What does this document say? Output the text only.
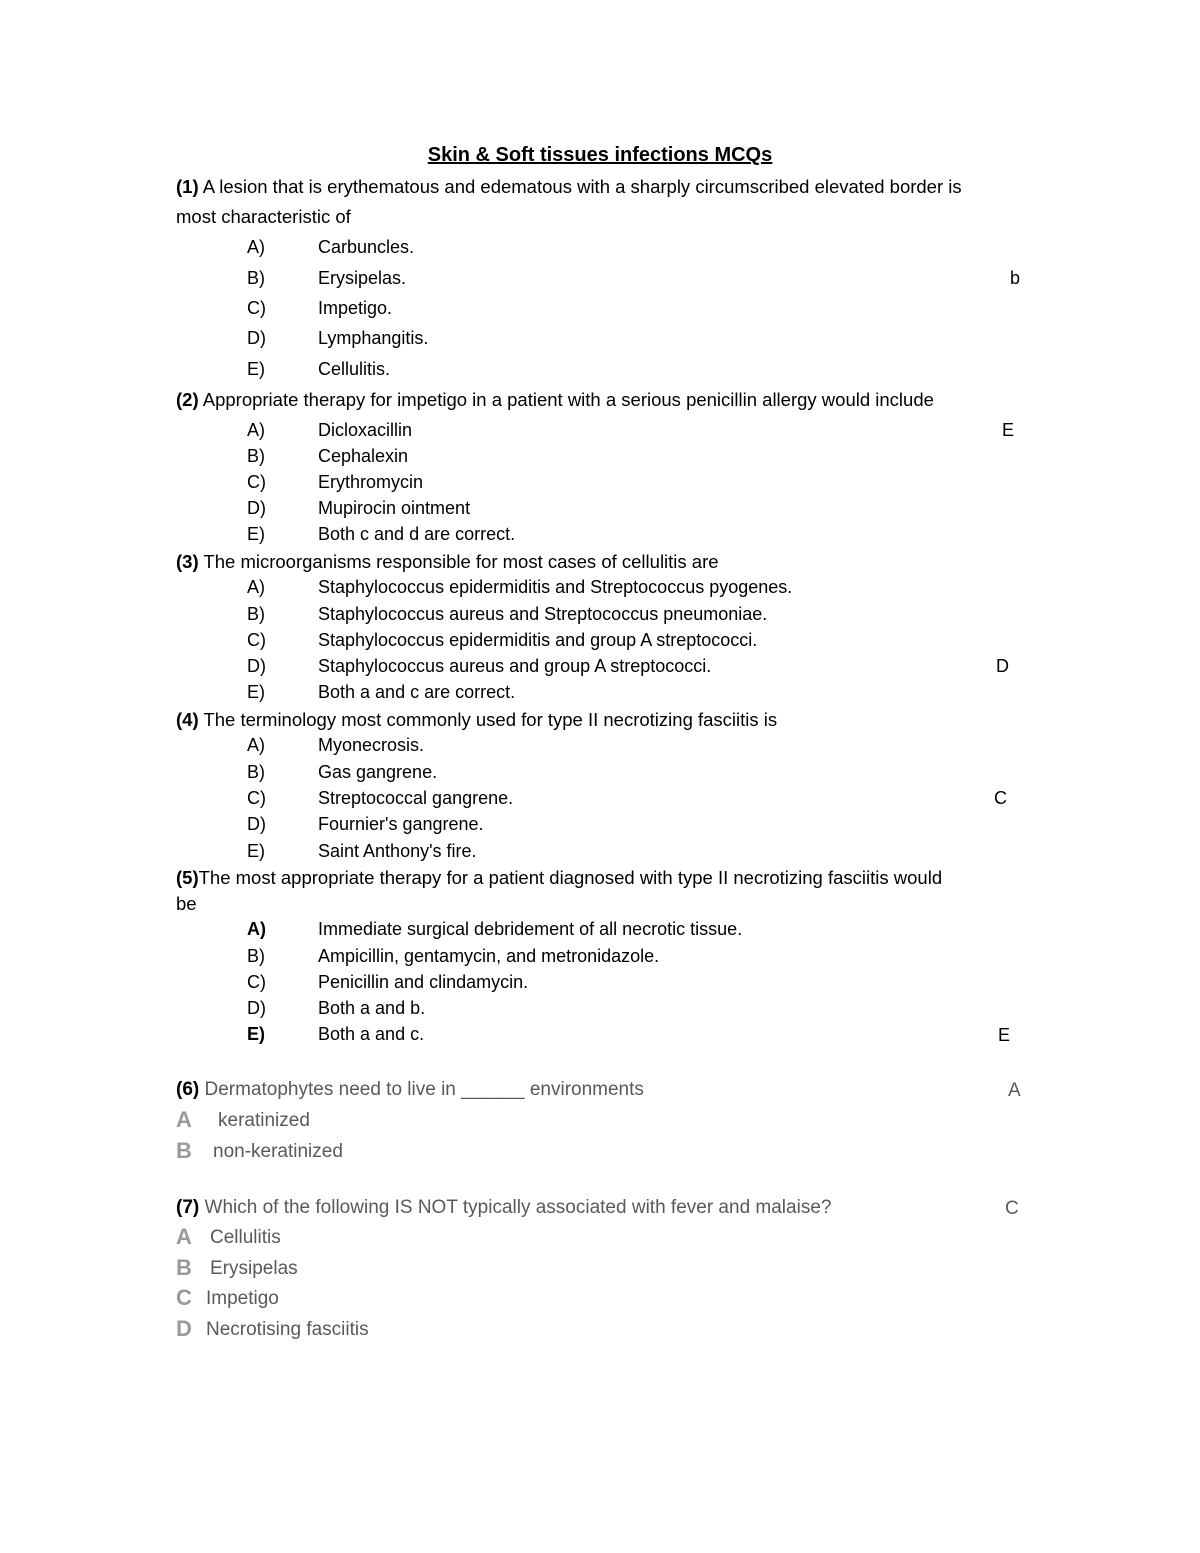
Skin & Soft tissues infections MCQs
(1) A lesion that is erythematous and edematous with a sharply circumscribed elevated border is
most characteristic of
A)	Carbuncles.
B)	Erysipelas.	b
C)	Impetigo.
D)	Lymphangitis.
E)	Cellulitis.
(2) Appropriate therapy for impetigo in a patient with a serious penicillin allergy would include
A)	Dicloxacillin	E
B)	Cephalexin
C)	Erythromycin
D)	Mupirocin ointment
E)	Both c and d are correct.
(3) The microorganisms responsible for most cases of cellulitis are
A)	Staphylococcus epidermiditis and Streptococcus pyogenes.
B)	Staphylococcus aureus and Streptococcus pneumoniae.
C)	Staphylococcus epidermiditis and group A streptococci.
D)	Staphylococcus aureus and group A streptococci.	D
E)	Both a and c are correct.
(4) The terminology most commonly used for type II necrotizing fasciitis is
A)	Myonecrosis.
B)	Gas gangrene.
C)	Streptococcal gangrene.	C
D)	Fournier's gangrene.
E)	Saint Anthony's fire.
(5)The most appropriate therapy for a patient diagnosed with type II necrotizing fasciitis would
be
A)	Immediate surgical debridement of all necrotic tissue.
B)	Ampicillin, gentamycin, and metronidazole.
C)	Penicillin and clindamycin.
D)	Both a and b.
E)	Both a and c.	E
(6) Dermatophytes need to live in ______ environments	A
A keratinized
B non-keratinized
(7) Which of the following IS NOT typically associated with fever and malaise?	C
A Cellulitis
B Erysipelas
C Impetigo
D Necrotising fasciitis
